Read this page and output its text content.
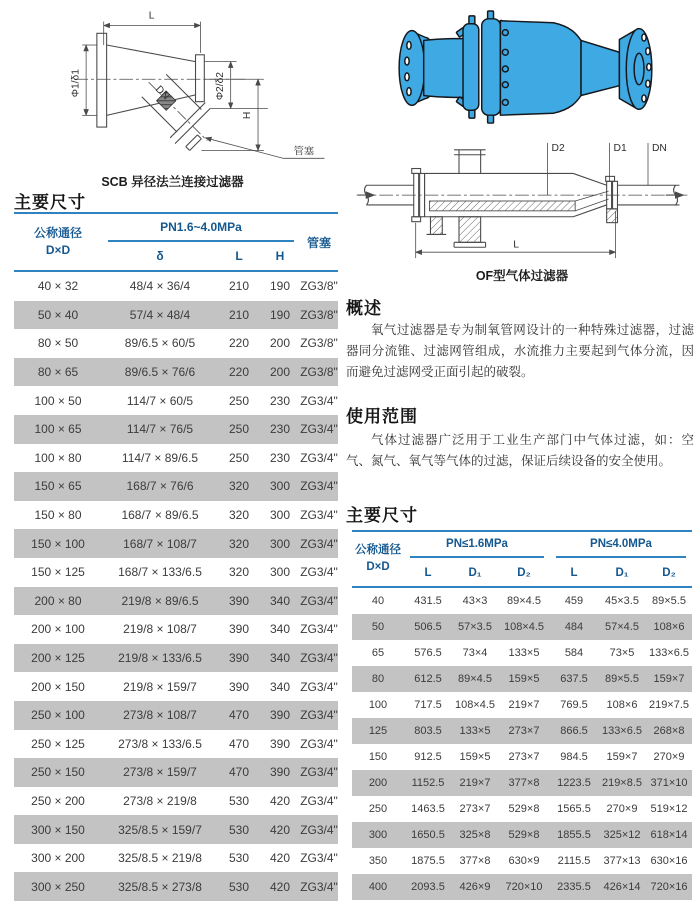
L
DN
Φ1/δ1	Φ2/δ2
H
管塞
SCB 异径法兰连接过滤器
主要尺寸
公称通径
D×D	PN1.6~4.0MPa			管塞
	δ	L	H	
40 × 32	48/4 × 36/4	210	190	ZG3/8"
50 × 40	57/4 × 48/4	210	190	ZG3/8"
80 × 50	89/6.5 × 60/5	220	200	ZG3/8"
80 × 65	89/6.5 × 76/6	220	200	ZG3/8"
100 × 50	114/7 × 60/5	250	230	ZG3/4"
100 × 65	114/7 × 76/5	250	230	ZG3/4"
100 × 80	114/7 × 89/6.5	250	230	ZG3/4"
150 × 65	168/7 × 76/6	320	300	ZG3/4"
150 × 80	168/7 × 89/6.5	320	300	ZG3/4"
150 × 100	168/7 × 108/7	320	300	ZG3/4"
150 × 125	168/7 × 133/6.5	320	300	ZG3/4"
200 × 80	219/8 × 89/6.5	390	340	ZG3/4"
200 × 100	219/8 × 108/7	390	340	ZG3/4"
200 × 125	219/8 × 133/6.5	390	340	ZG3/4"
200 × 150	219/8 × 159/7	390	340	ZG3/4"
250 × 100	273/8 × 108/7	470	390	ZG3/4"
250 × 125	273/8 × 133/6.5	470	390	ZG3/4"
250 × 150	273/8 × 159/7	470	390	ZG3/4"
250 × 200	273/8 × 219/8	530	420	ZG3/4"
300 × 150	325/8.5 × 159/7	530	420	ZG3/4"
300 × 200	325/8.5 × 219/8	530	420	ZG3/4"
300 × 250	325/8.5 × 273/8	530	420	ZG3/4"
D2	D1 DN
L
OF型气体过滤器
概述
氧气过滤器是专为制氧管网设计的一种特殊过滤器，过滤器同分流锥、过滤网管组成，水流推力主要起到气体分流，因而避免过滤网受正面引起的破裂。
使用范围
气体过滤器广泛用于工业生产部门中气体过滤，如：空气、氮气、氧气等气体的过滤，保证后续设备的安全使用。
主要尺寸
公称通径
D×D	PN≤1.6MPa			PN≤4.0MPa		

	L	D₁	D₂	L	D₁	D₂
40	431.5	43×3	89×4.5	459	45×3.5	89×5.5
50	506.5	57×3.5	108×4.5	484	57×4.5	108×6
65	576.5	73×4	133×5	584	73×5	133×6.5
80	612.5	89×4.5	159×5	637.5	89×5.5	159×7
100	717.5	108×4.5	219×7	769.5	108×6	219×7.5
125	803.5	133×5	273×7	866.5	133×6.5	268×8
150	912.5	159×5	273×7	984.5	159×7	270×9
200	1152.5	219×7	377×8	1223.5	219×8.5	371×10
250	1463.5	273×7	529×8	1565.5	270×9	519×12
300	1650.5	325×8	529×8	1855.5	325×12	618×14
350	1875.5	377×8	630×9	2115.5	377×13	630×16
400	2093.5	426×9	720×10	2335.5	426×14	720×16
